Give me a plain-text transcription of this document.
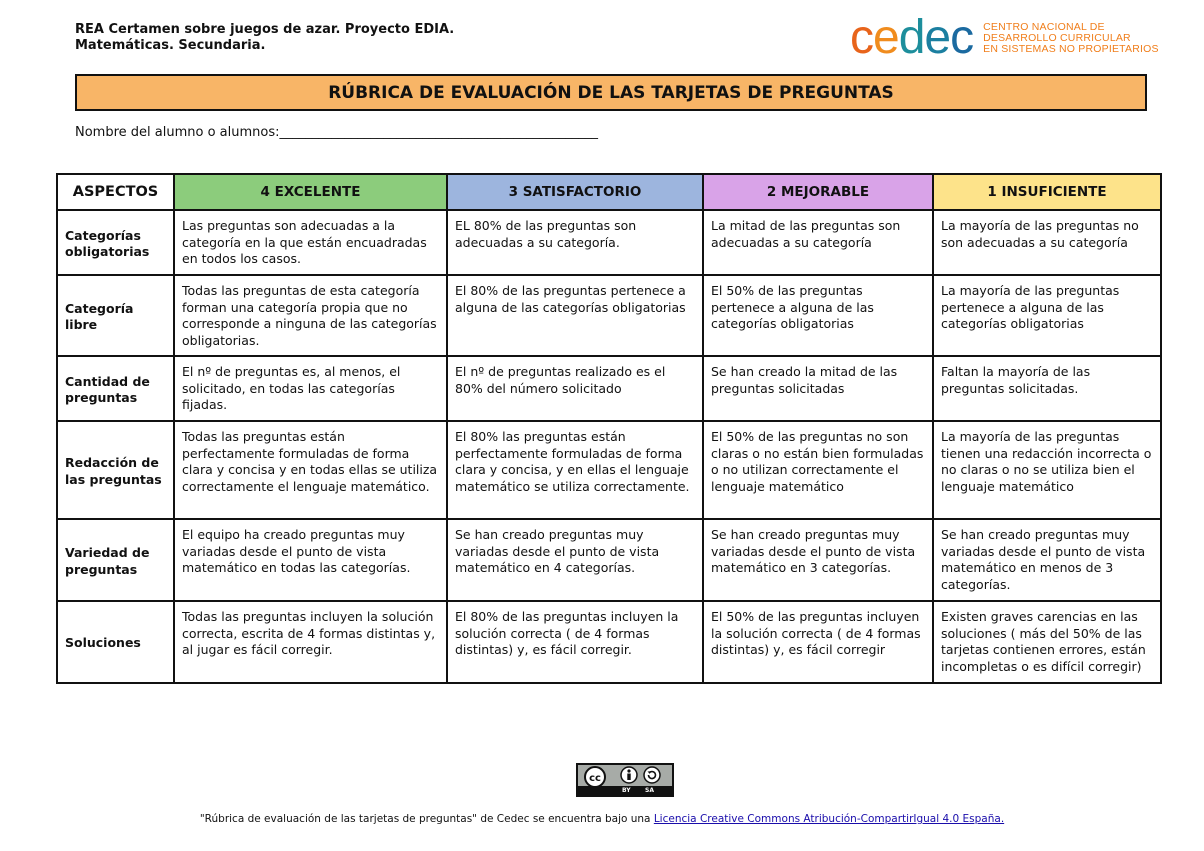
REA Certamen sobre juegos de azar. Proyecto EDIA.
Matemáticas. Secundaria.	c e d e c CENTRO NACIONAL DE
DESARROLLO CURRICULAR
EN SISTEMAS NO PROPIETARIOS
RÚBRICA DE EVALUACIÓN DE LAS TARJETAS DE PREGUNTAS
Nombre del alumno o alumnos:_________________________________________________
ASPECTOS	4 EXCELENTE	3 SATISFACTORIO	2 MEJORABLE	1 INSUFICIENTE
Categorías obligatorias	Las preguntas son adecuadas a la categoría en la que están encuadradas en todos los casos.	EL 80% de las preguntas son adecuadas a su categoría.	La mitad de las preguntas son adecuadas a su categoría	La mayoría de las preguntas no son adecuadas a su categoría
Categoría libre	Todas las preguntas de esta categoría forman una categoría propia que no corresponde a ninguna de las categorías obligatorias.	El 80% de las preguntas pertenece a alguna de las categorías obligatorias	El 50% de las preguntas pertenece a alguna de las categorías obligatorias	La mayoría de las preguntas pertenece a alguna de las categorías obligatorias
Cantidad de preguntas	El nº de preguntas es, al menos, el solicitado, en todas las categorías fijadas.	El nº de preguntas realizado es el 80% del número solicitado	Se han creado la mitad de las preguntas solicitadas	Faltan la mayoría de las preguntas solicitadas.
Redacción de las preguntas	Todas las preguntas están perfectamente formuladas de forma clara y concisa y en todas ellas se utiliza correctamente el lenguaje matemático.	El 80% las preguntas están perfectamente formuladas de forma clara y concisa, y en ellas el lenguaje matemático se utiliza correctamente.	El 50% de las preguntas no son claras o no están bien formuladas o no utilizan correctamente el lenguaje matemático	La mayoría de las preguntas tienen una redacción incorrecta o no claras o no se utiliza bien el lenguaje matemático
Variedad de preguntas	El equipo ha creado preguntas muy variadas desde el punto de vista matemático en todas las categorías.	Se han creado preguntas muy variadas desde el punto de vista matemático en 4 categorías.	Se han creado preguntas muy variadas desde el punto de vista matemático en 3 categorías.	Se han creado preguntas muy variadas desde el punto de vista matemático en menos de 3 categorías.
Soluciones	Todas las preguntas incluyen la solución correcta, escrita de 4 formas distintas y, al jugar es fácil corregir.	El 80% de las preguntas incluyen la solución correcta ( de 4 formas distintas) y, es fácil corregir.	El 50% de las preguntas incluyen la solución correcta ( de 4 formas distintas) y, es fácil corregir	Existen graves carencias en las soluciones ( más del 50% de las tarjetas contienen errores, están incompletas o es difícil corregir)
cc
BY SA
"Rúbrica de evaluación de las tarjetas de preguntas" de Cedec se encuentra bajo una Licencia Creative Commons Atribución-CompartirIgual 4.0 España.
